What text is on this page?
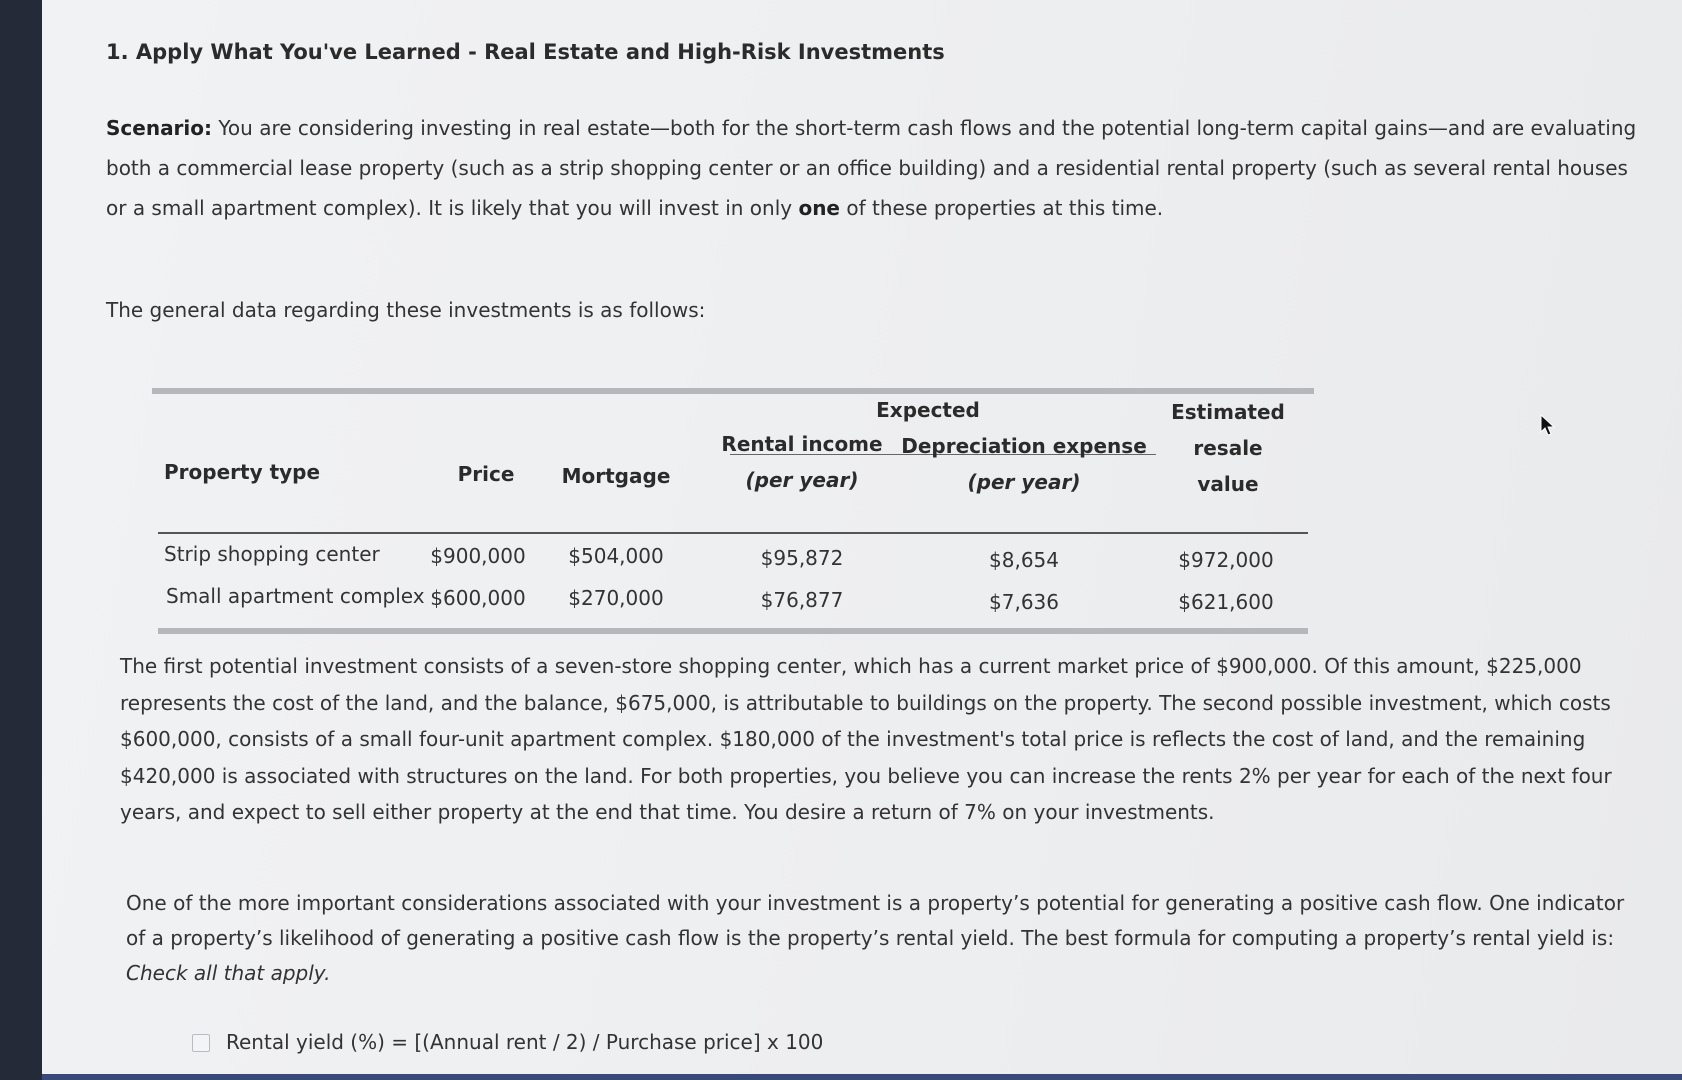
1. Apply What You've Learned - Real Estate and High-Risk Investments
Scenario: You are considering investing in real estate—both for the short-term cash flows and the potential long-term capital gains—and are evaluating both a commercial lease property (such as a strip shopping center or an office building) and a residential rental property (such as several rental houses or a small apartment complex). It is likely that you will invest in only one of these properties at this time.
The general data regarding these investments is as follows:
Expected
Property type	Price Mortgage
Rental income
(per year)
Depreciation expense
(per year)
Estimated
resale
value
Strip shopping center	$900,000 $504,000	$95,872	$8,654	$972,000
Small apartment complex $600,000 $270,000	$76,877	$7,636	$621,600
The first potential investment consists of a seven-store shopping center, which has a current market price of $900,000. Of this amount, $225,000 represents the cost of the land, and the balance, $675,000, is attributable to buildings on the property. The second possible investment, which costs $600,000, consists of a small four-unit apartment complex. $180,000 of the investment's total price is reflects the cost of land, and the remaining $420,000 is associated with structures on the land. For both properties, you believe you can increase the rents 2% per year for each of the next four years, and expect to sell either property at the end that time. You desire a return of 7% on your investments.
One of the more important considerations associated with your investment is a property’s potential for generating a positive cash flow. One indicator of a property’s likelihood of generating a positive cash flow is the property’s rental yield. The best formula for computing a property’s rental yield is: Check all that apply.
Rental yield (%) = [(Annual rent / 2) / Purchase price] x 100
